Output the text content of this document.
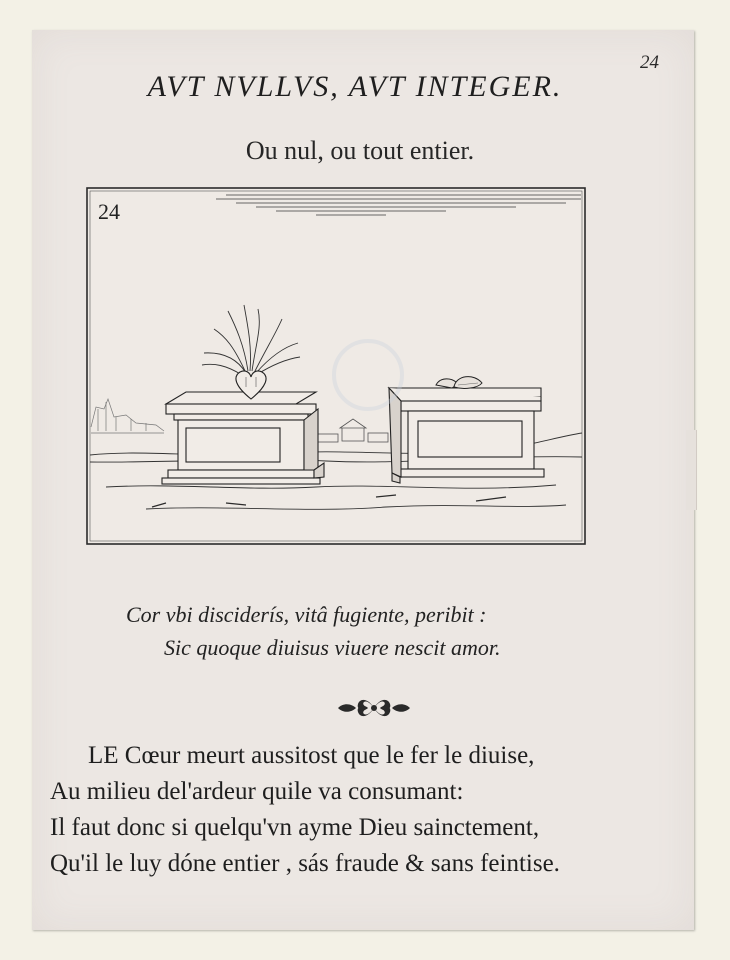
24
AVT NVLLVS, AVT INTEGER.
Ou nul, ou tout entier.
24
Cor vbi disciderís, vitâ fugiente, peribit :
Sic quoque diuisus viuere nescit amor.
LE Cœur meurt aussitost que le fer le diuise,
Au milieu del'ardeur quile va consumant:
Il faut donc si quelqu'vn ayme Dieu sainctement,
Qu'il le luy dóne entier , sás fraude & sans feintise.
